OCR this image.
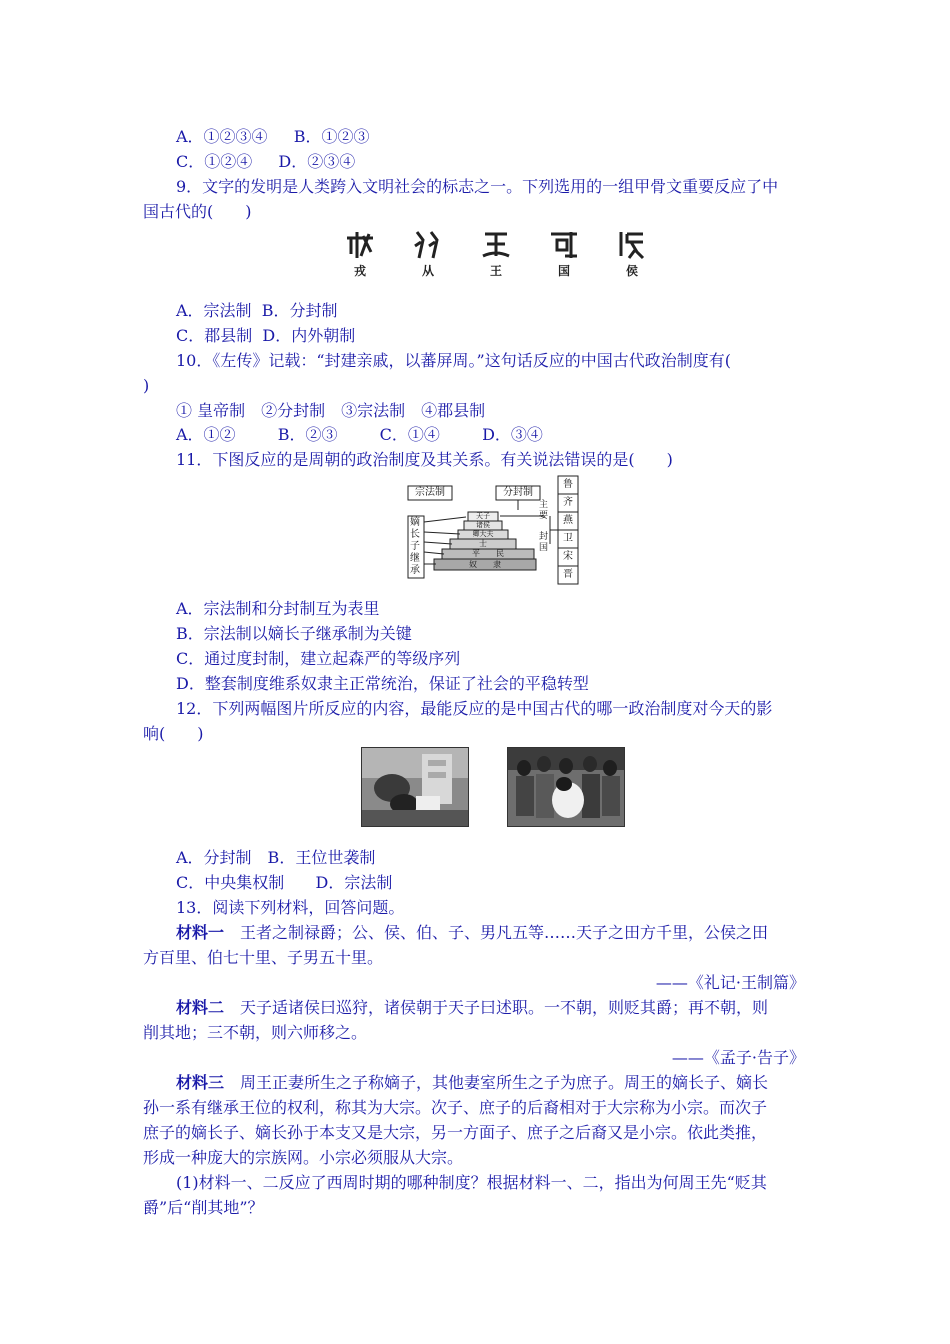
A．①②③④　  B．①②③
C．①②④　  D．②③④
9．文字的发明是人类跨入文明社会的标志之一。下列选用的一组甲骨文重要反应了中
国古代的(　　)
戎	从	王	国	侯
A．宗法制  B．分封制
C．郡县制  D．内外朝制
10．《左传》记载：“封建亲戚，以蕃屏周。”这句话反应的中国古代政治制度有(
)
① 皇帝制　②分封制　③宗法制　④郡县制
A．①②　　  B．②③　　  C．①④　　  D．③④
11．下图反应的是周朝的政治制度及其关系。有关说法错误的是(　　)
宗法制	分封制
嫡
长
子
继
承
天子
诸侯
卿大夫
士
平　　民
奴　　隶
主
要
封
国
鲁
齐
燕
卫
宋
晋
A．宗法制和分封制互为表里
B．宗法制以嫡长子继承制为关键
C．通过度封制，建立起森严的等级序列
D．整套制度维系奴隶主正常统治，保证了社会的平稳转型
12．下列两幅图片所反应的内容，最能反应的是中国古代的哪一政治制度对今天的影
响(　　)
A．分封制　B．王位世袭制
C．中央集权制　   D．宗法制
13．阅读下列材料，回答问题。
材料一　王者之制禄爵；公、侯、伯、子、男凡五等……天子之田方千里，公侯之田
方百里、伯七十里、子男五十里。
——《礼记·王制篇》
材料二　天子适诸侯曰巡狩，诸侯朝于天子曰述职。一不朝，则贬其爵；再不朝，则
削其地；三不朝，则六师移之。
——《孟子·告子》
材料三　周王正妻所生之子称嫡子，其他妻室所生之子为庶子。周王的嫡长子、嫡长
孙一系有继承王位的权利，称其为大宗。次子、庶子的后裔相对于大宗称为小宗。而次子
庶子的嫡长子、嫡长孙于本支又是大宗，另一方面子、庶子之后裔又是小宗。依此类推，
形成一种庞大的宗族网。小宗必须服从大宗。
(1)材料一、二反应了西周时期的哪种制度？根据材料一、二，指出为何周王先“贬其
爵”后“削其地”？
